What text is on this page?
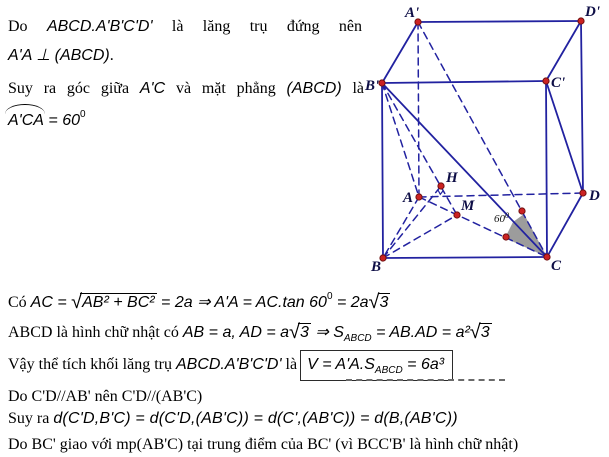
Do ABCD.A'B'C'D' là lăng trụ đứng nên
A'A ⊥ (ABCD).
Suy ra góc giữa A'C và mặt phẳng (ABCD) là
$A'CA = 60^0$
Có AC = √ AB² + BC² = 2a ⇒ A'A = AC.tan $60^0 = 2a√$ 3
ABCD là hình chữ nhật có AB = a, AD = a√ 3 ⇒ $S_{ABCD} = AB.AD = a^2√$ 3
Vậy thể tích khối lăng trụ ABCD.A'B'C'D' là $V = A'A.S_{ABCD} = 6a^3$
Do C'D//AB' nên C'D//(AB'C)
Suy ra d(C'D,B'C) = d(C'D,(AB'C)) = d(C',(AB'C)) = d(B,(AB'C))
Do BC' giao với mp(AB'C) tại trung điểm của BC' (vì BCC'B' là hình chữ nhật)
A'	D'
B'	C'
A
H
M
D
B	C
$60^0$
